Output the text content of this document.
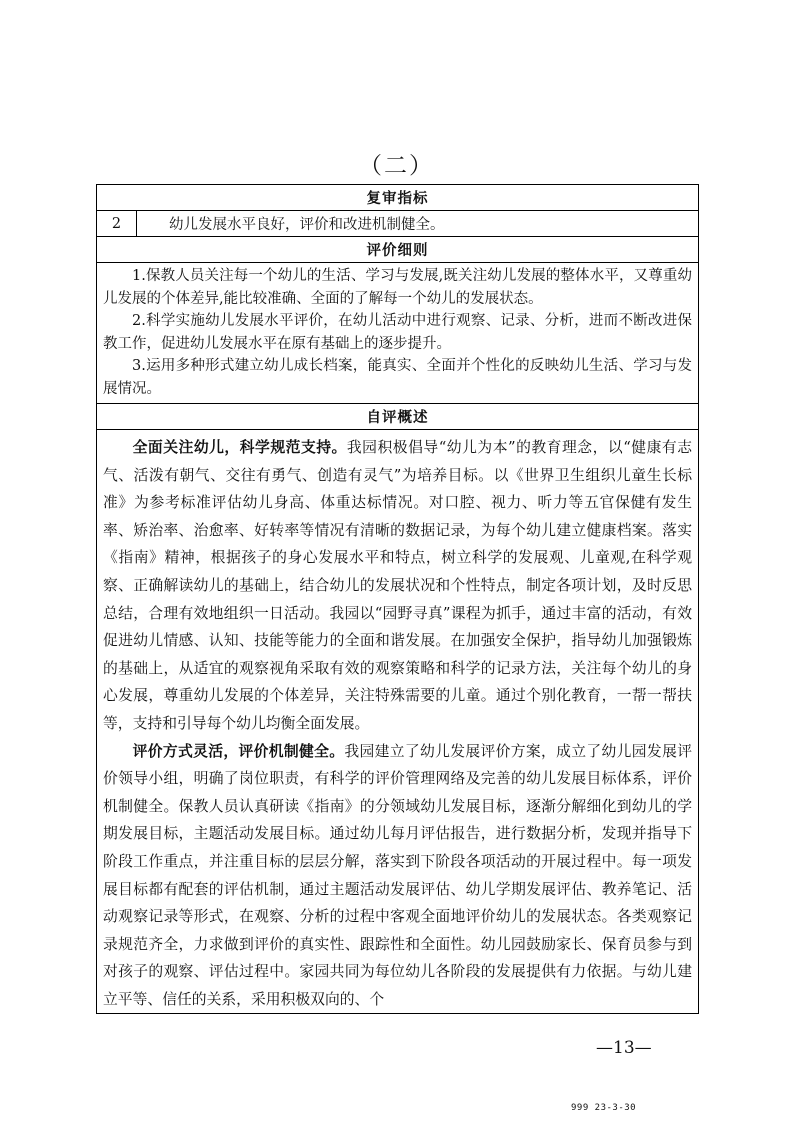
（二）
复审指标
2	幼儿发展水平良好，评价和改进机制健全。
评价细则

1.保教人员关注每一个幼儿的生活、学习与发展,既关注幼儿发展的整体水平，又尊重幼儿发展的个体差异,能比较准确、全面的了解每一个幼儿的发展状态。

2.科学实施幼儿发展水平评价，在幼儿活动中进行观察、记录、分析，进而不断改进保教工作，促进幼儿发展水平在原有基础上的逐步提升。

3.运用多种形式建立幼儿成长档案，能真实、全面并个性化的反映幼儿生活、学习与发展情况。

自评概述

全面关注幼儿，科学规范支持。我园积极倡导“幼儿为本”的教育理念，以“健康有志气、活泼有朝气、交往有勇气、创造有灵气”为培养目标。以《世界卫生组织儿童生长标准》为参考标准评估幼儿身高、体重达标情况。对口腔、视力、听力等五官保健有发生率、矫治率、治愈率、好转率等情况有清晰的数据记录，为每个幼儿建立健康档案。落实《指南》精神，根据孩子的身心发展水平和特点，树立科学的发展观、儿童观,在科学观察、正确解读幼儿的基础上，结合幼儿的发展状况和个性特点，制定各项计划，及时反思总结，合理有效地组织一日活动。我园以“园野寻真”课程为抓手，通过丰富的活动，有效促进幼儿情感、认知、技能等能力的全面和谐发展。在加强安全保护，指导幼儿加强锻炼的基础上，从适宜的观察视角采取有效的观察策略和科学的记录方法，关注每个幼儿的身心发展，尊重幼儿发展的个体差异，关注特殊需要的儿童。通过个别化教育，一帮一帮扶等，支持和引导每个幼儿均衡全面发展。

评价方式灵活，评价机制健全。我园建立了幼儿发展评价方案，成立了幼儿园发展评价领导小组，明确了岗位职责，有科学的评价管理网络及完善的幼儿发展目标体系，评价机制健全。保教人员认真研读《指南》的分领域幼儿发展目标，逐渐分解细化到幼儿的学期发展目标，主题活动发展目标。通过幼儿每月评估报告，进行数据分析，发现并指导下阶段工作重点，并注重目标的层层分解，落实到下阶段各项活动的开展过程中。每一项发展目标都有配套的评估机制，通过主题活动发展评估、幼儿学期发展评估、教养笔记、活动观察记录等形式，在观察、分析的过程中客观全面地评价幼儿的发展状态。各类观察记录规范齐全，力求做到评价的真实性、跟踪性和全面性。幼儿园鼓励家长、保育员参与到对孩子的观察、评估过程中。家园共同为每位幼儿各阶段的发展提供有力依据。与幼儿建立平等、信任的关系，采用积极双向的、个

—13—
999 23-3-30
